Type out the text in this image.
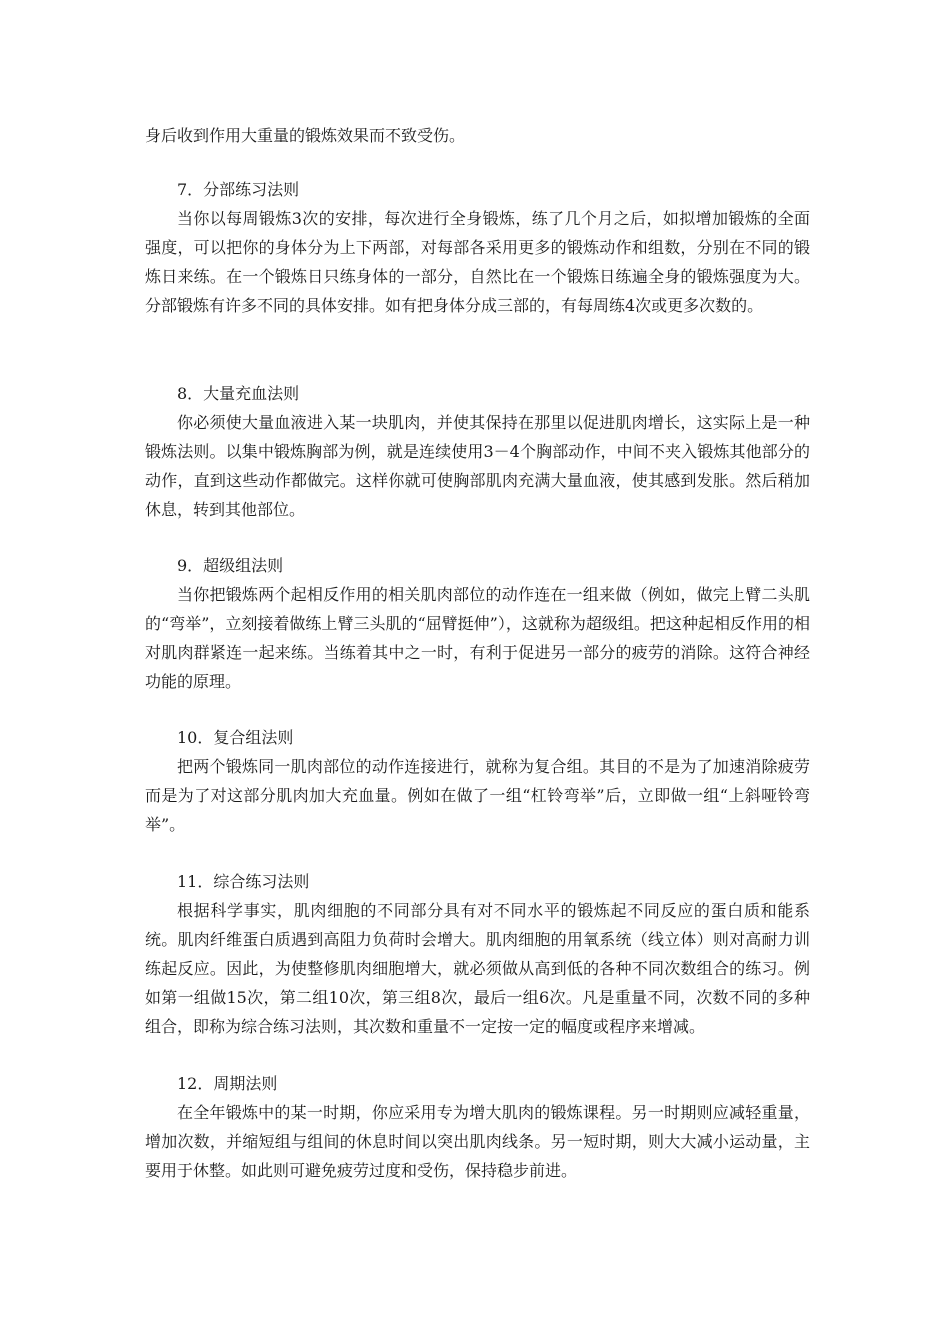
身后收到作用大重量的锻炼效果而不致受伤。

7．分部练习法则

当你以每周锻炼3次的安排，每次进行全身锻炼，练了几个月之后，如拟增加锻炼的全面强度，可以把你的身体分为上下两部，对每部各采用更多的锻炼动作和组数，分别在不同的锻炼日来练。在一个锻炼日只练身体的一部分，自然比在一个锻炼日练遍全身的锻炼强度为大。分部锻炼有许多不同的具体安排。如有把身体分成三部的，有每周练4次或更多次数的。

8．大量充血法则

你必须使大量血液进入某一块肌肉，并使其保持在那里以促进肌肉增长，这实际上是一种锻炼法则。以集中锻炼胸部为例，就是连续使用3－4个胸部动作，中间不夹入锻炼其他部分的动作，直到这些动作都做完。这样你就可使胸部肌肉充满大量血液，使其感到发胀。然后稍加休息，转到其他部位。

9．超级组法则

当你把锻炼两个起相反作用的相关肌肉部位的动作连在一组来做（例如，做完上臂二头肌的“弯举”，立刻接着做练上臂三头肌的“屈臂挺伸”），这就称为超级组。把这种起相反作用的相对肌肉群紧连一起来练。当练着其中之一时，有利于促进另一部分的疲劳的消除。这符合神经功能的原理。

10．复合组法则

把两个锻炼同一肌肉部位的动作连接进行，就称为复合组。其目的不是为了加速消除疲劳而是为了对这部分肌肉加大充血量。例如在做了一组“杠铃弯举”后，立即做一组“上斜哑铃弯举”。

11．综合练习法则

根据科学事实，肌肉细胞的不同部分具有对不同水平的锻炼起不同反应的蛋白质和能系统。肌肉纤维蛋白质遇到高阻力负荷时会增大。肌肉细胞的用氧系统（线立体）则对高耐力训练起反应。因此，为使整修肌肉细胞增大，就必须做从高到低的各种不同次数组合的练习。例如第一组做15次，第二组10次，第三组8次，最后一组6次。凡是重量不同，次数不同的多种组合，即称为综合练习法则，其次数和重量不一定按一定的幅度或程序来增减。

12．周期法则

在全年锻炼中的某一时期，你应采用专为增大肌肉的锻炼课程。另一时期则应减轻重量，增加次数，并缩短组与组间的休息时间以突出肌肉线条。另一短时期，则大大减小运动量，主要用于休整。如此则可避免疲劳过度和受伤，保持稳步前进。
